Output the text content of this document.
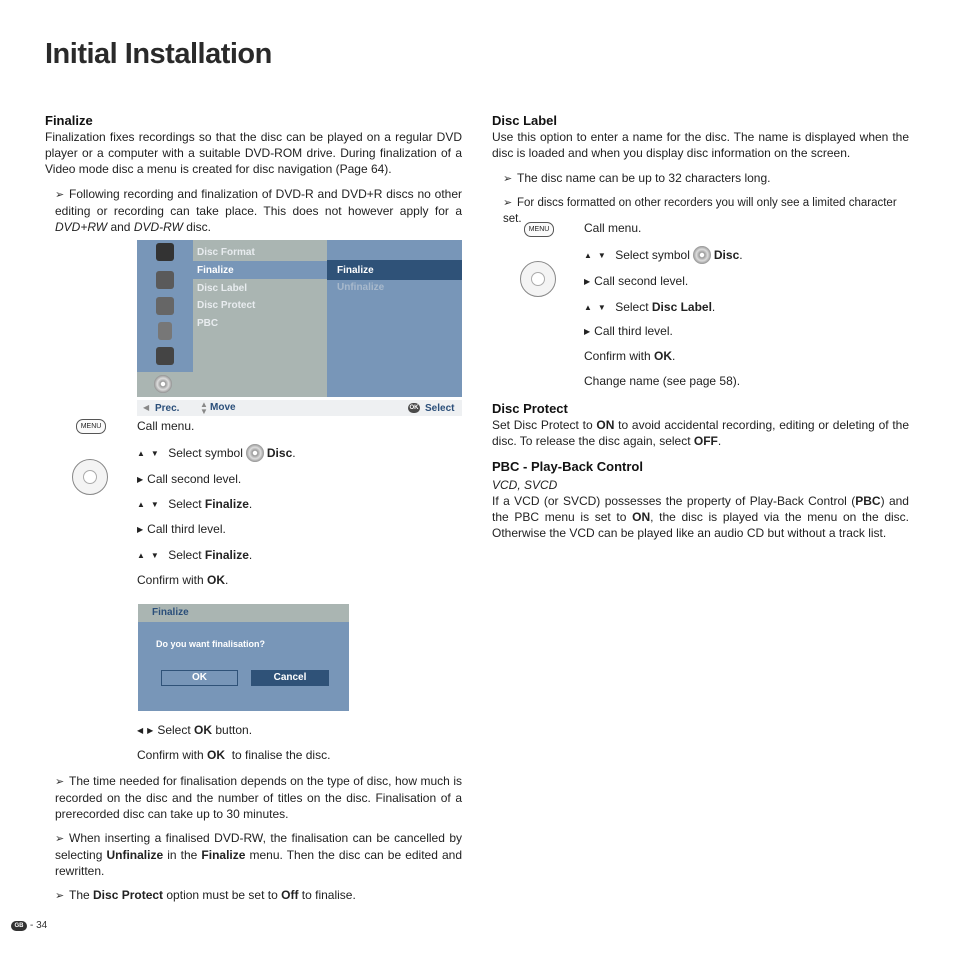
Initial Installation
Finalize
Finalization fixes recordings so that the disc can be played on a regular DVD player or a computer with a suitable DVD-ROM drive. During finalization of a Video mode disc a menu is created for disc navigation (Page 64).
➢ Following recording and finalization of DVD-R and DVD+R discs no other editing or recording can take place. This does not however apply for a DVD+RW and DVD-RW disc.
Disc Format
Finalize
Disc Label
Disc Protect
PBC
Finalize
Unfinalize
◀ Prec.	▲
▼ Move	OK Select
MENU	Call menu.
▲ ▼ Select symbol Disc.
▶ Call second level.
▲ ▼ Select Finalize.
▶ Call third level.
▲ ▼ Select Finalize.
Confirm with OK.
Finalize
Do you want finalisation?
OK	Cancel
◀ ▶ Select OK button.
Confirm with OK to finalise the disc.
➢ The time needed for finalisation depends on the type of disc, how much is recorded on the disc and the number of titles on the disc. Finalisation of a prerecorded disc can take up to 30 minutes.
➢ When inserting a finalised DVD-RW, the finalisation can be cancelled by selecting Unfinalize in the Finalize menu. Then the disc can be edited and rewritten.
➢ The Disc Protect option must be set to Off to finalise.
Disc Label
Use this option to enter a name for the disc. The name is displayed when the disc is loaded and when you display disc information on the screen.
➢ The disc name can be up to 32 characters long.
➢ For discs formatted on other recorders you will only see a limited character set.
MENU	Call menu.
▲ ▼ Select symbol Disc.
▶ Call second level.
▲ ▼ Select Disc Label.
▶ Call third level.
Confirm with OK.
Change name (see page 58).
Disc Protect
Set Disc Protect to ON to avoid accidental recording, editing or deleting of the disc. To release the disc again, select OFF.
PBC - Play-Back Control
VCD, SVCD
If a VCD (or SVCD) possesses the property of Play-Back Control (PBC) and the PBC menu is set to ON, the disc is played via the menu on the disc. Otherwise the VCD can be played like an audio CD but without a track list.
GB - 34
